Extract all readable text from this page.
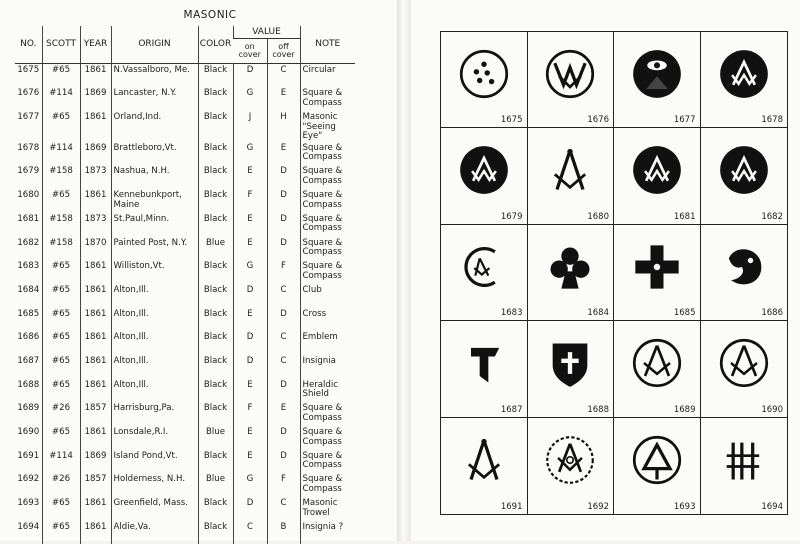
MASONIC
NO.	SCOTT	YEAR	ORIGIN	COLOR	VALUE		NOTE
					on cover	off cover	
1675	#65	1861	N.Vassalboro, Me.	Black	D	C	Circular
1676	#114	1869	Lancaster, N.Y.	Black	G	E	Square & Compass
1677	#65	1861	Orland,Ind.	Black	J	H	Masonic "Seeing Eye"
1678	#114	1869	Brattleboro,Vt.	Black	G	E	Square & Compass
1679	#158	1873	Nashua, N.H.	Black	E	D	Square & Compass
1680	#65	1861	Kennebunkport, Maine	Black	F	D	Square & Compass
1681	#158	1873	St.Paul,Minn.	Black	E	D	Square & Compass
1682	#158	1870	Painted Post, N.Y.	Blue	E	D	Square & Compass
1683	#65	1861	Williston,Vt.	Black	G	F	Square & Compass
1684	#65	1861	Alton,Ill.	Black	D	C	Club
1685	#65	1861	Alton,Ill.	Black	E	D	Cross
1686	#65	1861	Alton,Ill.	Black	D	C	Emblem
1687	#65	1861	Alton,Ill.	Black	D	C	Insignia
1688	#65	1861	Alton,Ill.	Black	E	D	Heraldic Shield
1689	#26	1857	Harrisburg,Pa.	Black	F	E	Square & Compass
1690	#65	1861	Lonsdale,R.I.	Blue	E	D	Square & Compass
1691	#114	1869	Island Pond,Vt.	Black	E	D	Square & Compass
1692	#26	1857	Holderness, N.H.	Blue	G	F	Square & Compass
1693	#65	1861	Greenfield, Mass.	Black	D	C	Masonic Trowel
1694	#65	1861	Aldie,Va.	Black	C	B	Insignia ?
1675	1676	1677	1678
1679	1680	1681	1682
1683	1684	1685	1686
1687	1688	1689	1690
1691	1692	1693	1694
